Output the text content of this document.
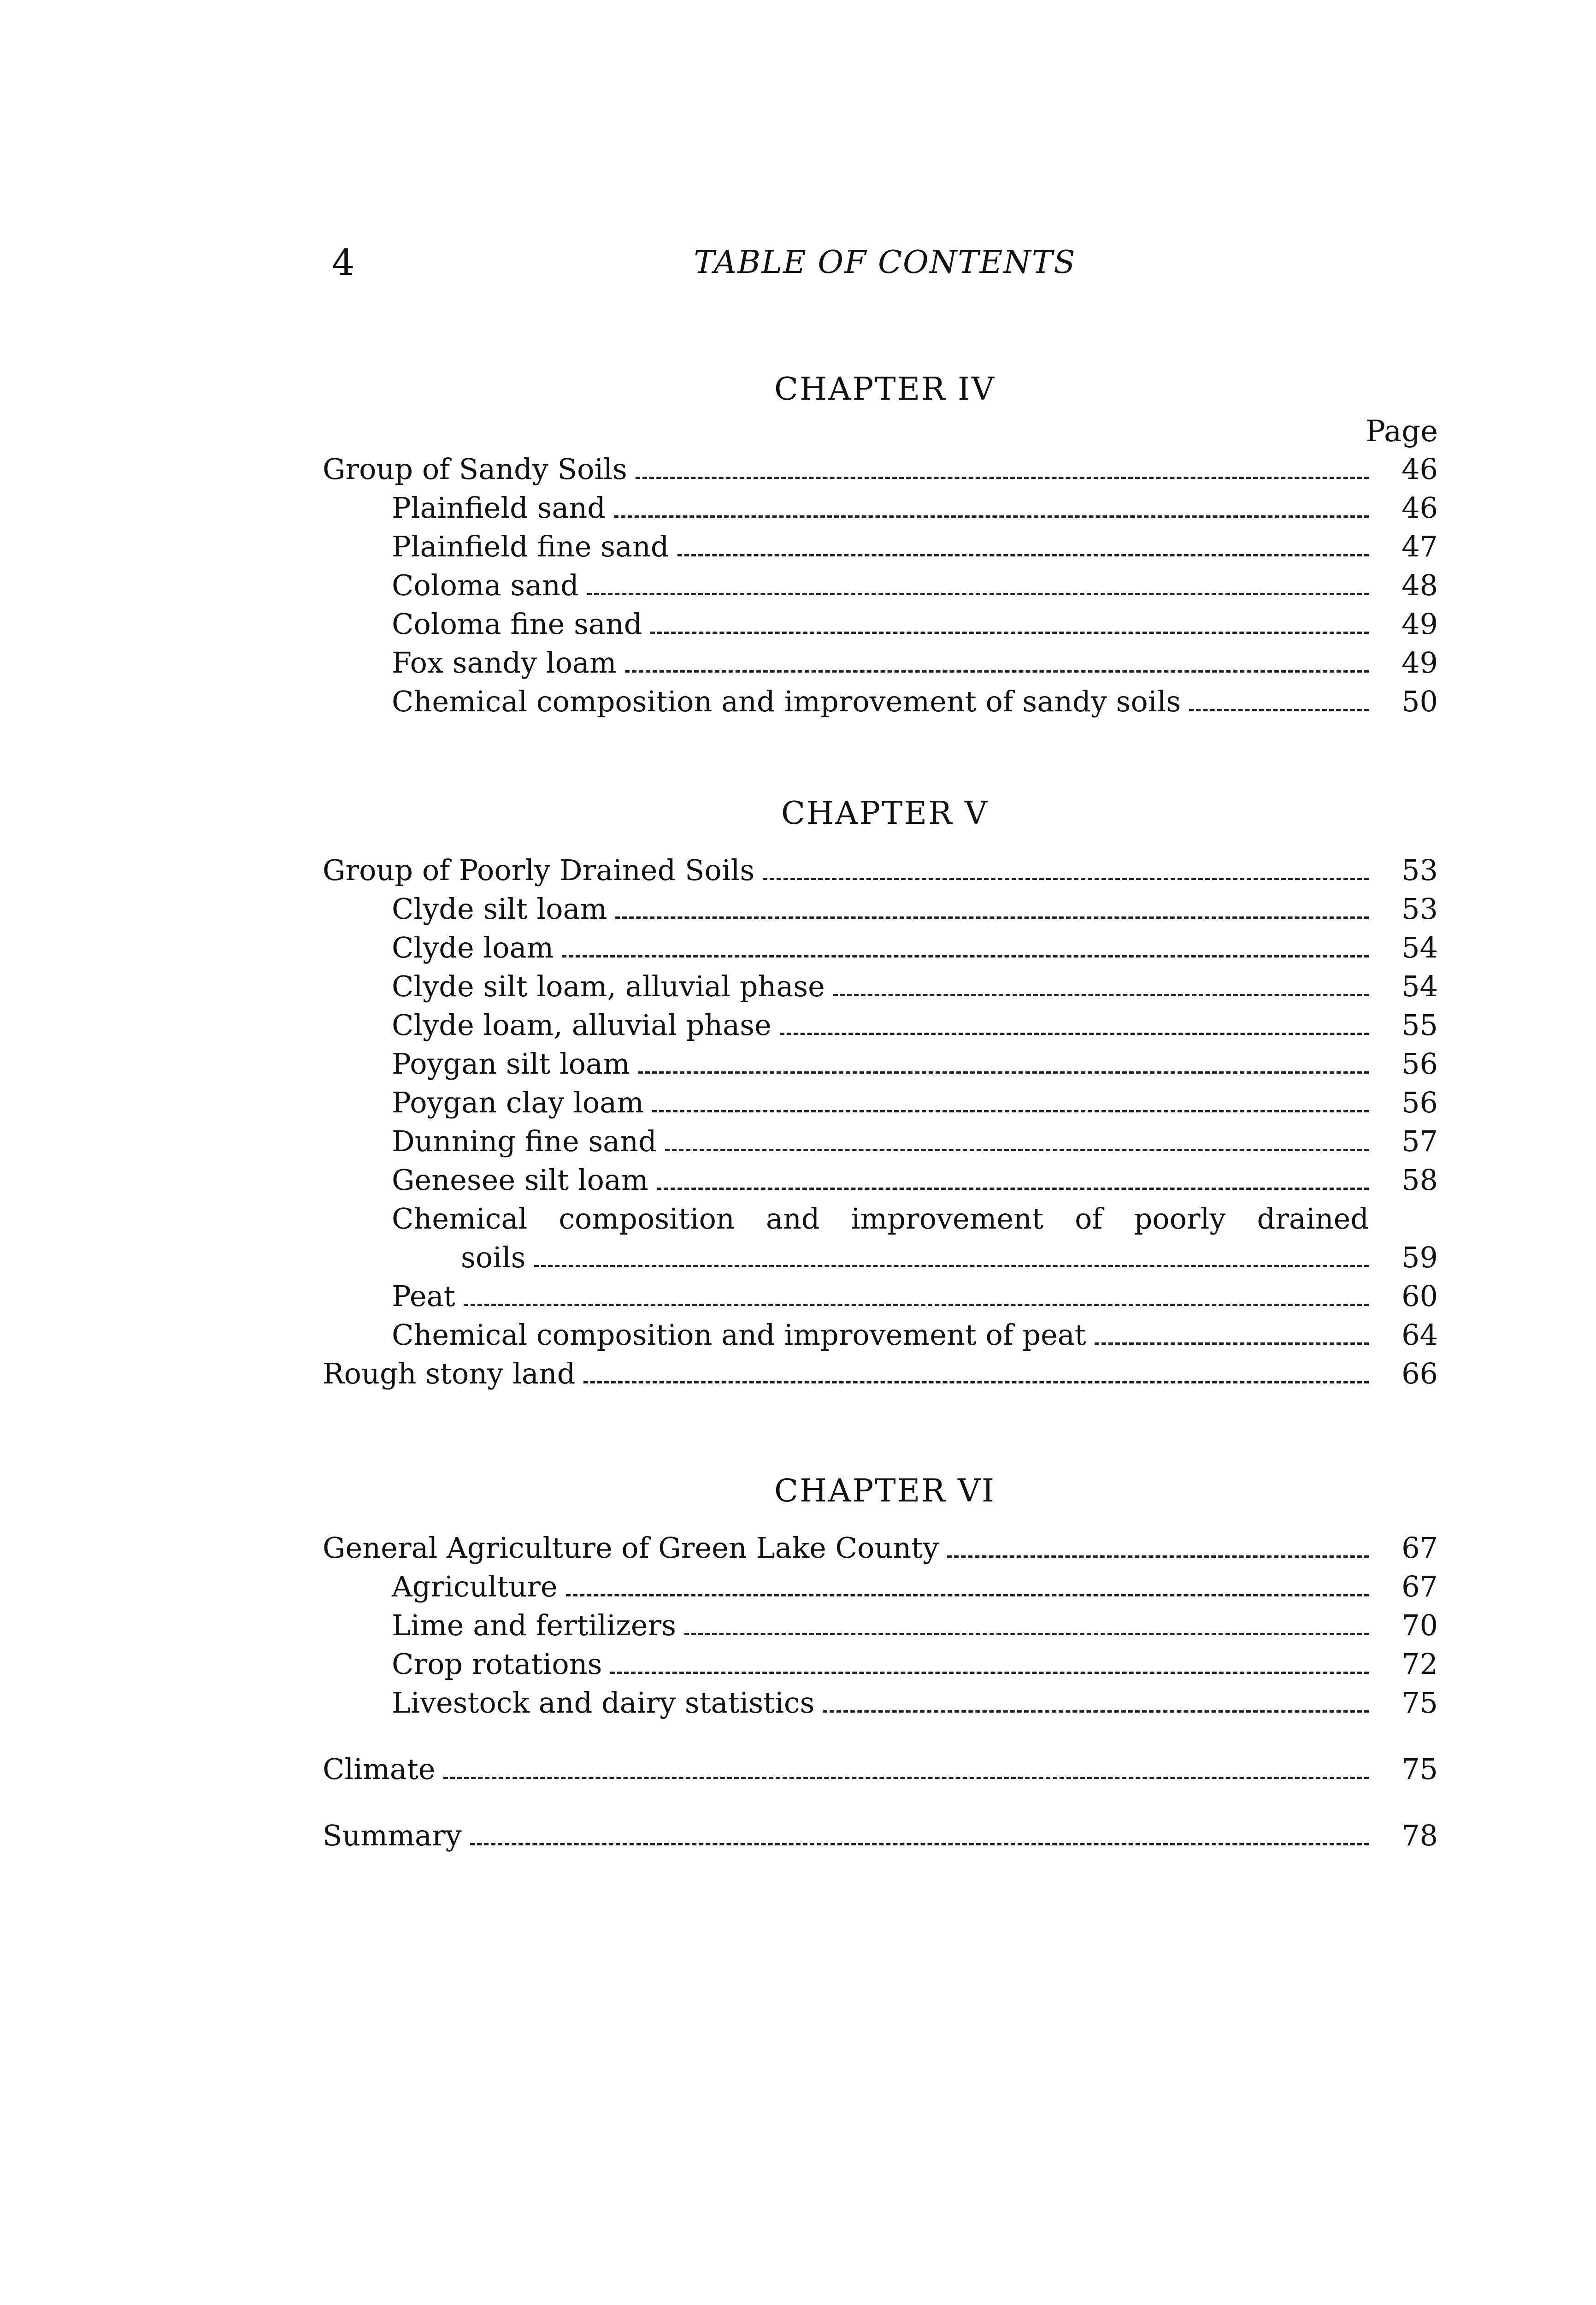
4	TABLE OF CONTENTS
CHAPTER IV
Page
Group of Sandy Soils	46
Plainfield sand	46
Plainfield fine sand	47
Coloma sand	48
Coloma fine sand	49
Fox sandy loam	49
Chemical composition and improvement of sandy soils	50
CHAPTER V
Group of Poorly Drained Soils	53
Clyde silt loam	53
Clyde loam	54
Clyde silt loam, alluvial phase	54
Clyde loam, alluvial phase	55
Poygan silt loam	56
Poygan clay loam	56
Dunning fine sand	57
Genesee silt loam	58
Chemical composition and improvement of poorly drained
soils	59
Peat	60
Chemical composition and improvement of peat	64
Rough stony land	66
CHAPTER VI
General Agriculture of Green Lake County	67
Agriculture	67
Lime and fertilizers	70
Crop rotations	72
Livestock and dairy statistics	75
Climate	75
Summary	78
